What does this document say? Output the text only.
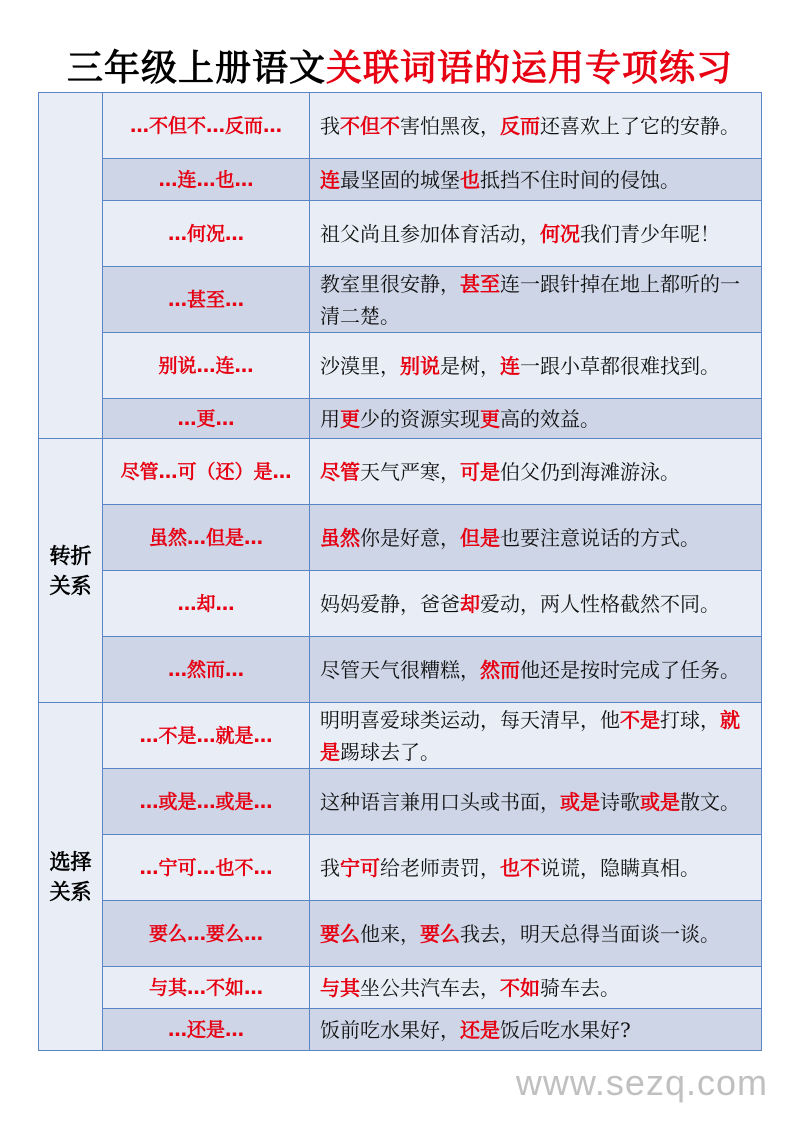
三年级上册语文关联词语的运用专项练习
	…不但不…反而…	我不但不害怕黑夜，反而还喜欢上了它的安静。
	…连…也…	连最坚固的城堡也抵挡不住时间的侵蚀。
	…何况…	祖父尚且参加体育活动，何况我们青少年呢！
	…甚至…	教室里很安静，甚至连一跟针掉在地上都听的一清二楚。
	别说…连…	沙漠里，别说是树，连一跟小草都很难找到。
	…更…	用更少的资源实现更高的效益。
转折关系	尽管…可（还）是…	尽管天气严寒，可是伯父仍到海滩游泳。
	虽然…但是…	虽然你是好意，但是也要注意说话的方式。
	…却…	妈妈爱静，爸爸却爱动，两人性格截然不同。
	…然而…	尽管天气很糟糕，然而他还是按时完成了任务。
选择关系	…不是…就是…	明明喜爱球类运动，每天清早，他不是打球，就是踢球去了。
	…或是…或是…	这种语言兼用口头或书面，或是诗歌或是散文。
	…宁可…也不…	我宁可给老师责罚，也不说谎，隐瞒真相。
	要么…要么…	要么他来，要么我去，明天总得当面谈一谈。
	与其…不如…	与其坐公共汽车去，不如骑车去。
	…还是…	饭前吃水果好，还是饭后吃水果好?
www.sezq.com
